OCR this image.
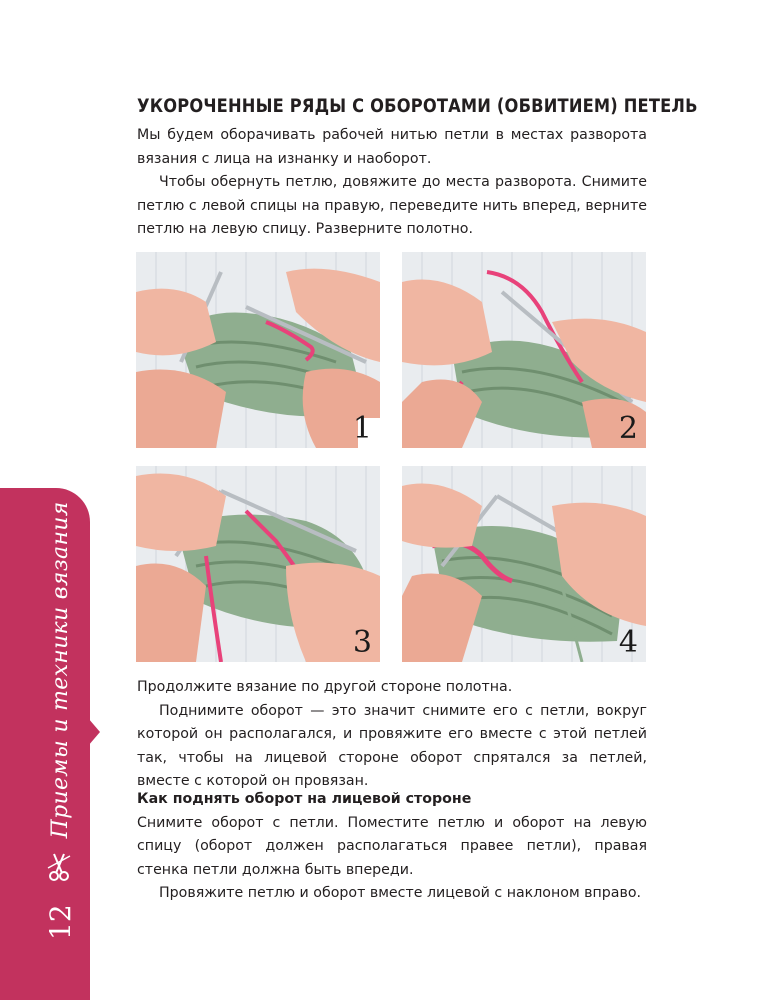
УКОРОЧЕННЫЕ РЯДЫ С ОБОРОТАМИ (ОБВИТИЕМ) ПЕТЕЛЬ

Мы будем оборачивать рабочей нитью петли в местах разворота вязания с лица на изнанку и наоборот.

Чтобы обернуть петлю, довяжите до места разворота. Снимите петлю с левой спицы на правую, переведите нить вперед, верните петлю на левую спицу. Разверните полотно.

1	2
3	4

Продолжите вязание по другой стороне полотна.

Поднимите оборот — это значит снимите его с петли, вокруг которой он располагался, и провяжите его вместе с этой петлей так, чтобы на лицевой стороне оборот спрятался за петлей, вместе с которой он провязан.

Как поднять оборот на лицевой стороне

Снимите оборот с петли. Поместите петлю и оборот на левую спицу (оборот должен располагаться правее петли), правая стенка петли должна быть впереди.

Провяжите петлю и оборот вместе лицевой с наклоном вправо.

12
Приемы и техники вязания
